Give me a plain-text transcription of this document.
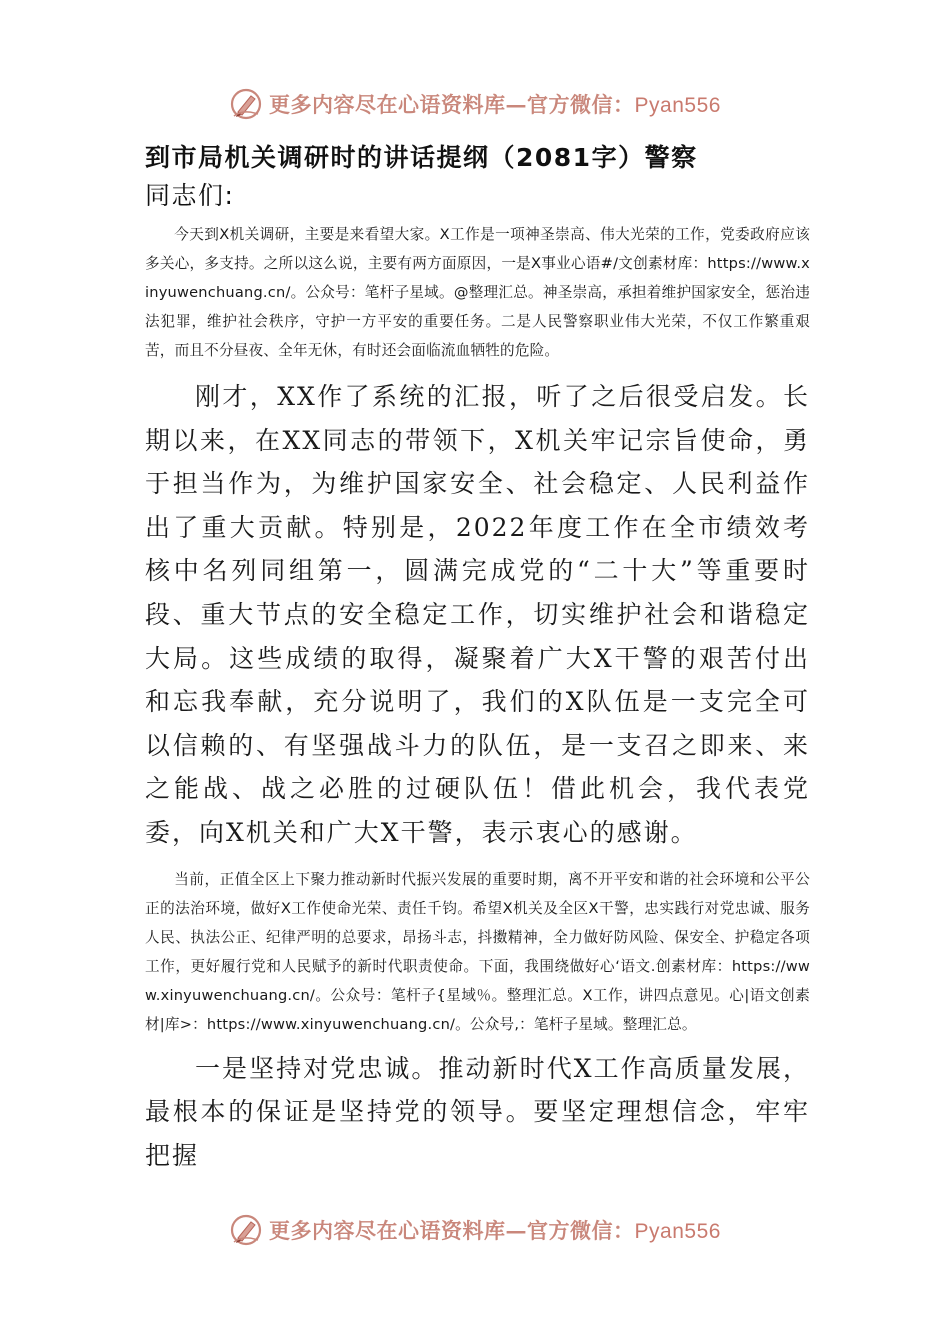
更多内容尽在心语资料库—官方微信：Pyan556
到市局机关调研时的讲话提纲（2081字）警察

同志们:

今天到X机关调研，主要是来看望大家。X工作是一项神圣崇高、伟大光荣的工作，党委政府应该多关心，多支持。之所以这么说，主要有两方面原因，一是X事业心语#/文创素材库：https://www.xinyuwenchuang.cn/。公众号：笔杆子星域。@整理汇总。神圣崇高，承担着维护国家安全，惩治违法犯罪，维护社会秩序，守护一方平安的重要任务。二是人民警察职业伟大光荣，不仅工作繁重艰苦，而且不分昼夜、全年无休，有时还会面临流血牺牲的危险。

刚才，XX作了系统的汇报，听了之后很受启发。长期以来，在XX同志的带领下，X机关牢记宗旨使命，勇于担当作为，为维护国家安全、社会稳定、人民利益作出了重大贡献。特别是，2022年度工作在全市绩效考核中名列同组第一，圆满完成党的“二十大”等重要时段、重大节点的安全稳定工作，切实维护社会和谐稳定大局。这些成绩的取得，凝聚着广大X干警的艰苦付出和忘我奉献，充分说明了，我们的X队伍是一支完全可以信赖的、有坚强战斗力的队伍，是一支召之即来、来之能战、战之必胜的过硬队伍！借此机会，我代表党委，向X机关和广大X干警，表示衷心的感谢。

当前，正值全区上下聚力推动新时代振兴发展的重要时期，离不开平安和谐的社会环境和公平公正的法治环境，做好X工作使命光荣、责任千钧。希望X机关及全区X干警，忠实践行对党忠诚、服务人民、执法公正、纪律严明的总要求，昂扬斗志，抖擞精神，全力做好防风险、保安全、护稳定各项工作，更好履行党和人民赋予的新时代职责使命。下面，我围绕做好心‘语文.创素材库：https://www.xinyuwenchuang.cn/。公众号：笔杆子{星域％。整理汇总。X工作，讲四点意见。心|语文创素材|库>：https://www.xinyuwenchuang.cn/。公众号,：笔杆子星域。整理汇总。

一是坚持对党忠诚。推动新时代X工作高质量发展，最根本的保证是坚持党的领导。要坚定理想信念，牢牢把握

更多内容尽在心语资料库—官方微信：Pyan556
